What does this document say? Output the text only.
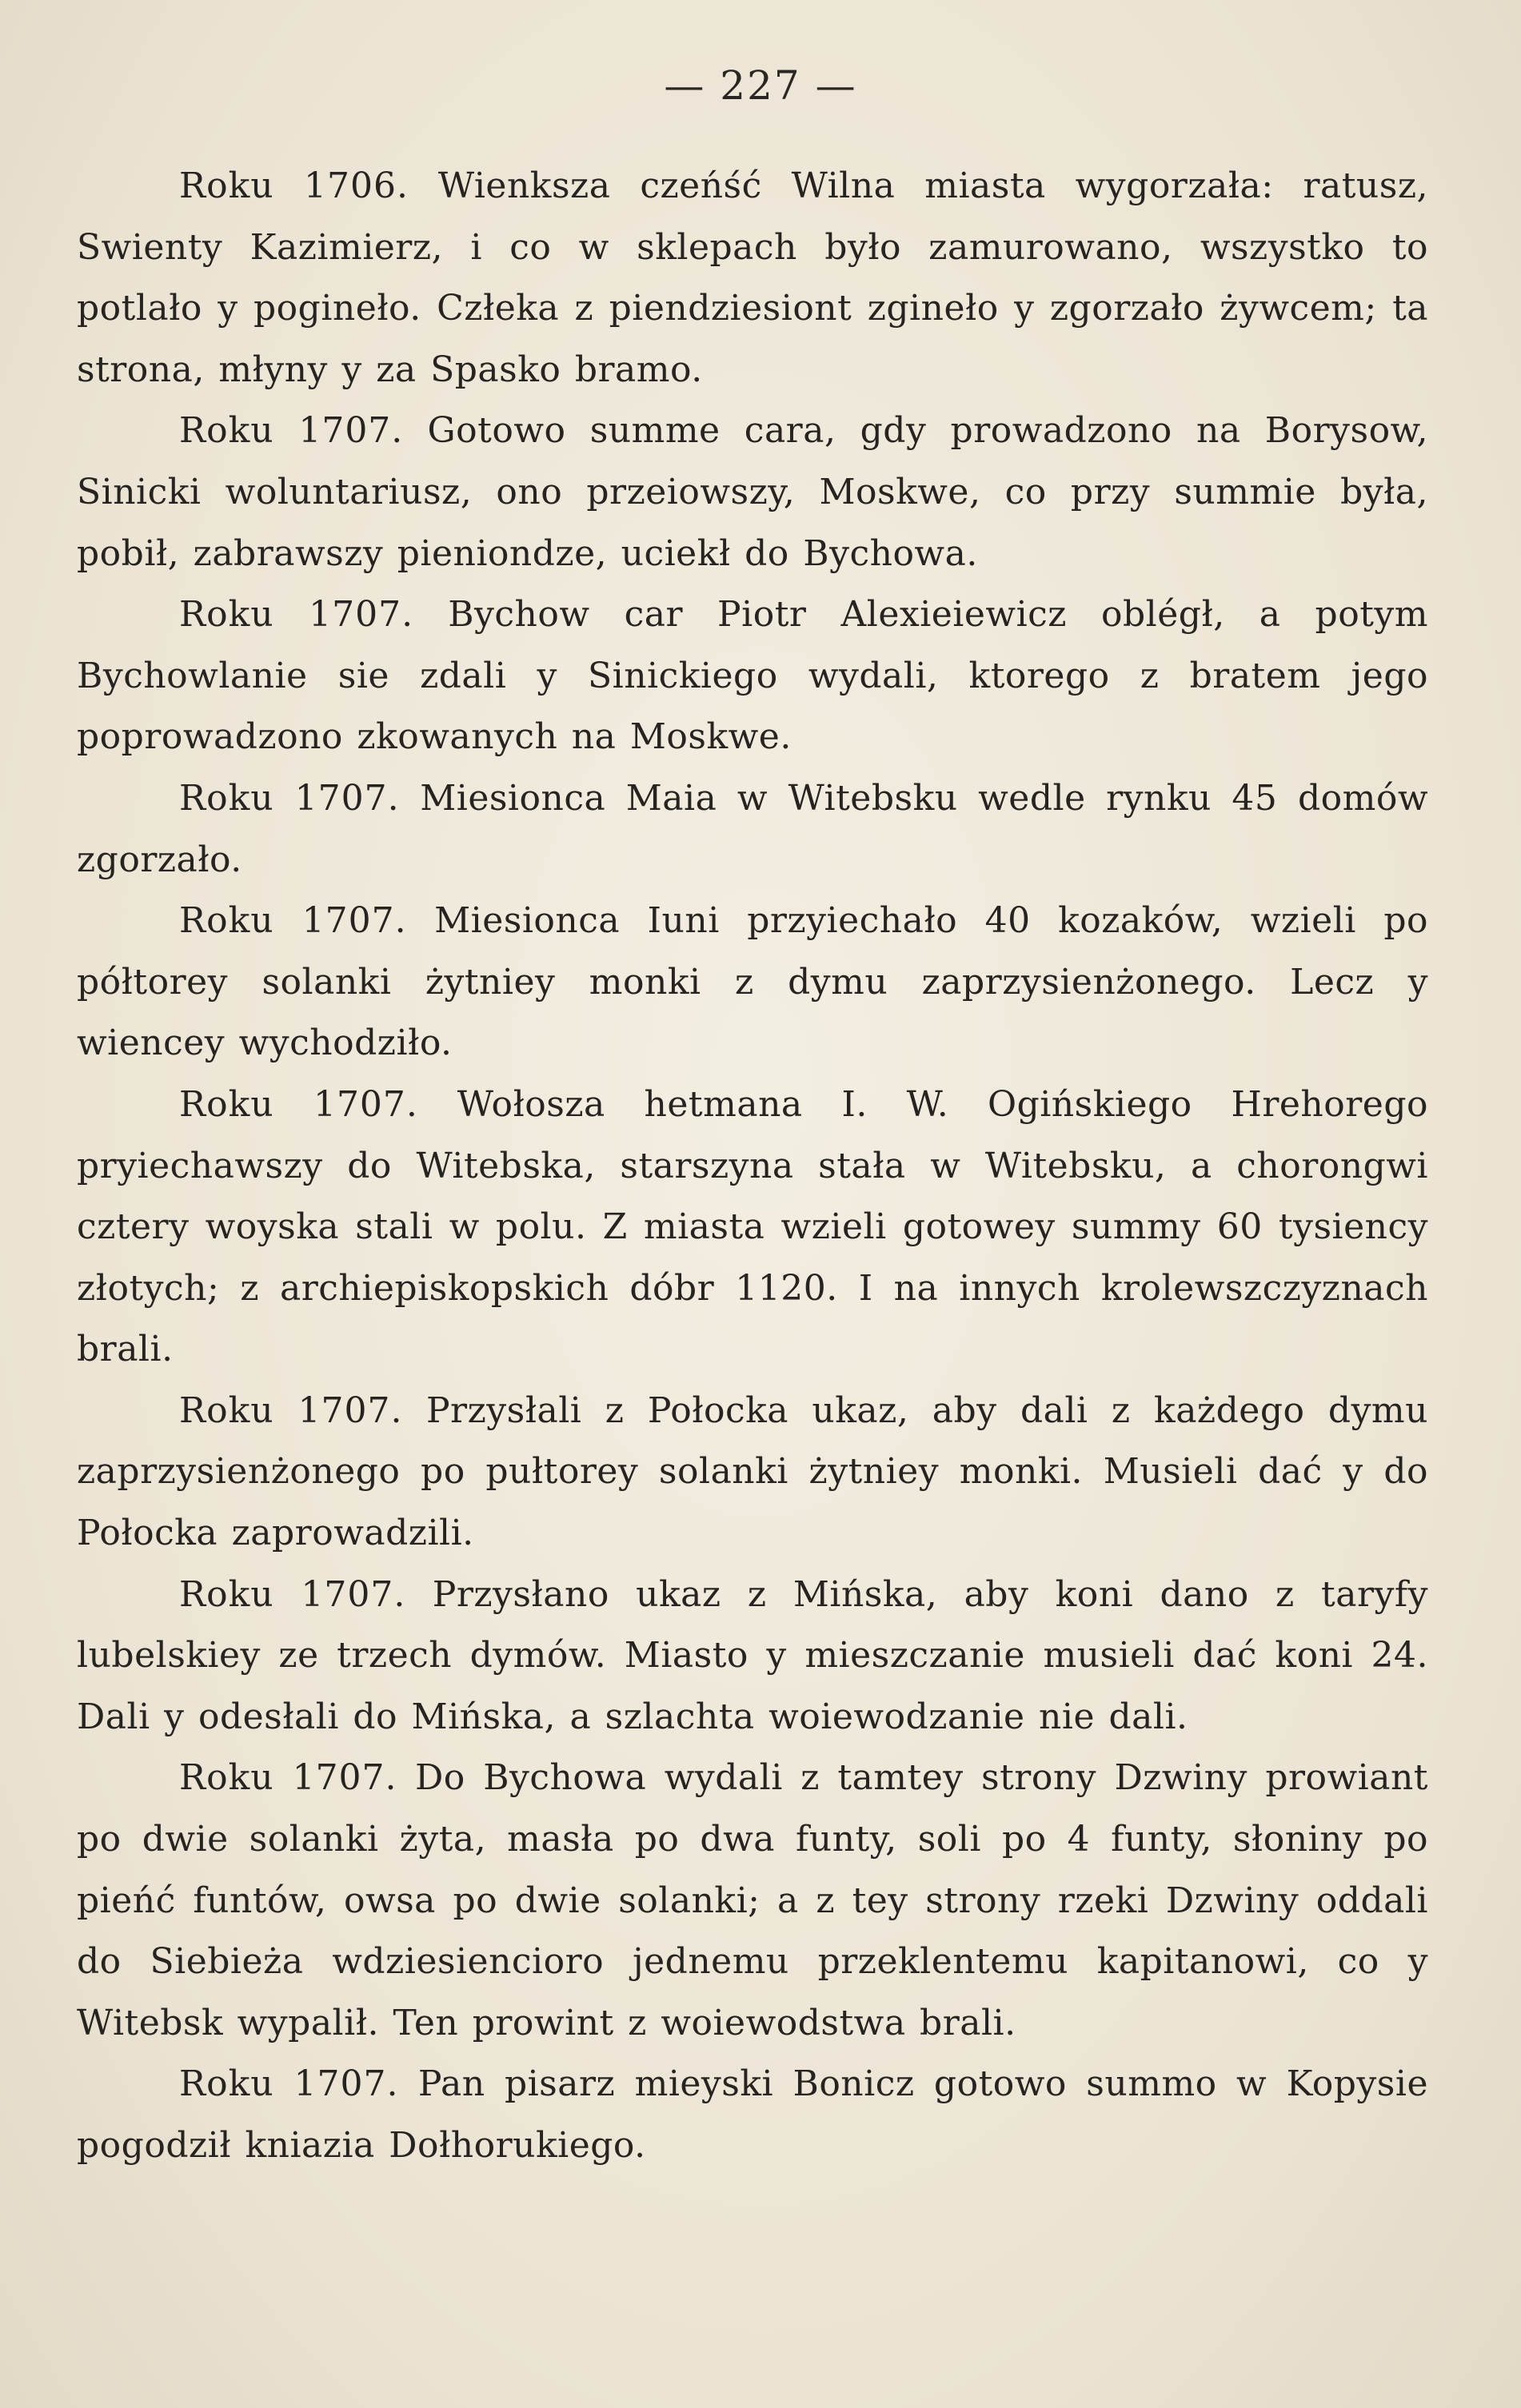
— 227 —

Roku 1706. Wienksza czeńść Wilna miasta wygorzała: ratusz, Swienty Kazimierz, i co w sklepach było zamurowano, wszystko to potlało y pogineło. Człeka z piendziesiont zgineło y zgorzało żywcem; ta strona, młyny y za Spasko bramo.

Roku 1707. Gotowo summe cara, gdy prowadzono na Borysow, Sinicki woluntariusz, ono przeiowszy, Moskwe, co przy summie była, pobił, zabrawszy pieniondze, uciekł do Bychowa.

Roku 1707. Bychow car Piotr Alexieiewicz oblégł, a potym Bychowlanie sie zdali y Sinickiego wydali, ktorego z bratem jego poprowadzono zkowanych na Moskwe.

Roku 1707. Miesionca Maia w Witebsku wedle rynku 45 domów zgorzało.

Roku 1707. Miesionca Iuni przyiechało 40 kozaków, wzieli po półtorey solanki żytniey monki z dymu zaprzysienżonego. Lecz y wiencey wychodziło.

Roku 1707. Wołosza hetmana I. W. Ogińskiego Hrehorego pryiechawszy do Witebska, starszyna stała w Witebsku, a chorongwi cztery woyska stali w polu. Z miasta wzieli gotowey summy 60 tysiency złotych; z archiepiskopskich dóbr 1120. I na innych krolewszczyznach brali.

Roku 1707. Przysłali z Połocka ukaz, aby dali z każdego dymu zaprzysienżonego po pułtorey solanki żytniey monki. Musieli dać y do Połocka zaprowadzili.

Roku 1707. Przysłano ukaz z Mińska, aby koni dano z taryfy lubelskiey ze trzech dymów. Miasto y mieszczanie musieli dać koni 24. Dali y odesłali do Mińska, a szlachta woiewodzanie nie dali.

Roku 1707. Do Bychowa wydali z tamtey strony Dzwiny prowiant po dwie solanki żyta, masła po dwa funty, soli po 4 funty, słoniny po pieńć funtów, owsa po dwie solanki; a z tey strony rzeki Dzwiny oddali do Siebieża wdziesiencioro jednemu przeklentemu kapitanowi, co y Witebsk wypalił. Ten prowint z woiewodstwa brali.

Roku 1707. Pan pisarz mieyski Bonicz gotowo summo w Kopysie pogodził kniazia Dołhorukiego.
